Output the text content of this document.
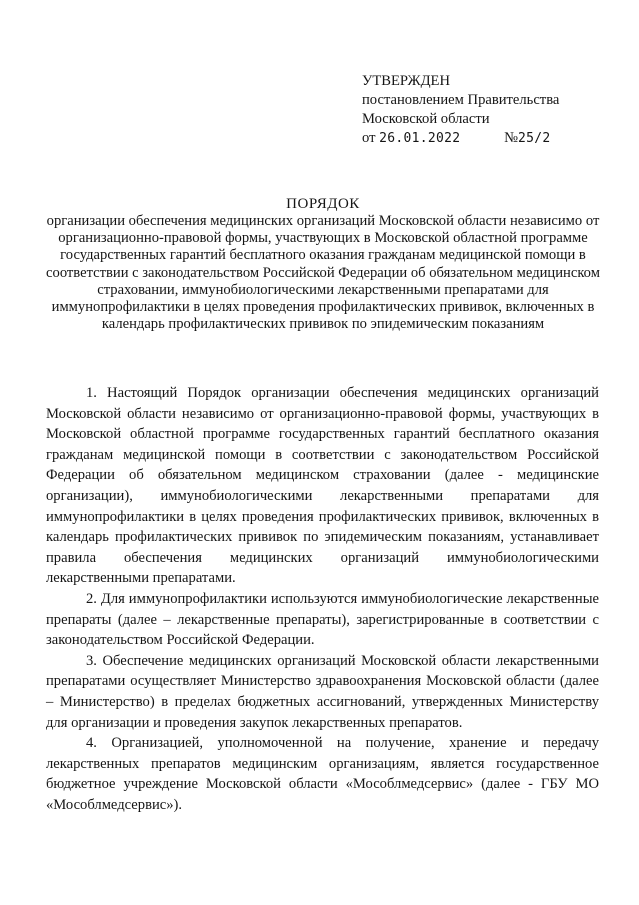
УТВЕРЖДЕН
постановлением Правительства
Московской области
от 26.01.2022	№25/2
ПОРЯДОК
организации обеспечения медицинских организаций Московской области независимо от организационно-правовой формы, участвующих в Московской областной программе государственных гарантий бесплатного оказания гражданам медицинской помощи в соответствии с законодательством Российской Федерации об обязательном медицинском страховании, иммунобиологическими лекарственными препаратами для иммунопрофилактики в целях проведения профилактических прививок, включенных в календарь профилактических прививок по эпидемическим показаниям

1. Настоящий Порядок организации обеспечения медицинских организаций Московской области независимо от организационно-правовой формы, участвующих в Московской областной программе государственных гарантий бесплатного оказания гражданам медицинской помощи в соответствии с законодательством Российской Федерации об обязательном медицинском страховании (далее - медицинские организации), иммунобиологическими лекарственными препаратами для иммунопрофилактики в целях проведения профилактических прививок, включенных в календарь профилактических прививок по эпидемическим показаниям, устанавливает правила обеспечения медицинских организаций иммунобиологическими лекарственными препаратами.

2. Для иммунопрофилактики используются иммунобиологические лекарственные препараты (далее – лекарственные препараты), зарегистрированные в соответствии с законодательством Российской Федерации.

3. Обеспечение медицинских организаций Московской области лекарственными препаратами осуществляет Министерство здравоохранения Московской области (далее – Министерство) в пределах бюджетных ассигнований, утвержденных Министерству для организации и проведения закупок лекарственных препаратов.

4. Организацией, уполномоченной на получение, хранение и передачу лекарственных препаратов медицинским организациям, является государственное бюджетное учреждение Московской области «Мособлмедсервис» (далее - ГБУ МО «Мособлмедсервис»).
